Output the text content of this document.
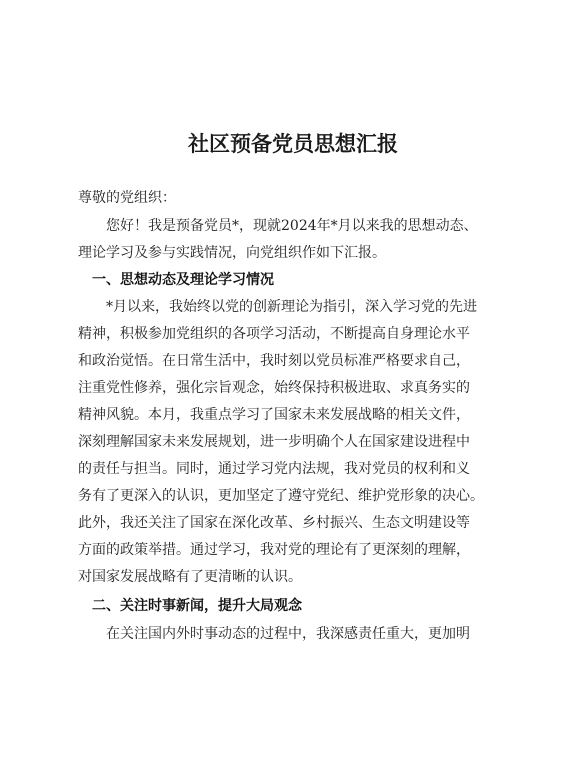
社区预备党员思想汇报
尊敬的党组织：
您好！我是预备党员*，现就2024年*月以来我的思想动态、
理论学习及参与实践情况，向党组织作如下汇报。
一、思想动态及理论学习情况
*月以来，我始终以党的创新理论为指引，深入学习党的先进
精神，积极参加党组织的各项学习活动，不断提高自身理论水平
和政治觉悟。在日常生活中，我时刻以党员标准严格要求自己，
注重党性修养，强化宗旨观念，始终保持积极进取、求真务实的
精神风貌。本月，我重点学习了国家未来发展战略的相关文件，
深刻理解国家未来发展规划，进一步明确个人在国家建设进程中
的责任与担当。同时，通过学习党内法规，我对党员的权利和义
务有了更深入的认识，更加坚定了遵守党纪、维护党形象的决心。
此外，我还关注了国家在深化改革、乡村振兴、生态文明建设等
方面的政策举措。通过学习，我对党的理论有了更深刻的理解，
对国家发展战略有了更清晰的认识。
二、关注时事新闻，提升大局观念
在关注国内外时事动态的过程中，我深感责任重大，更加明
